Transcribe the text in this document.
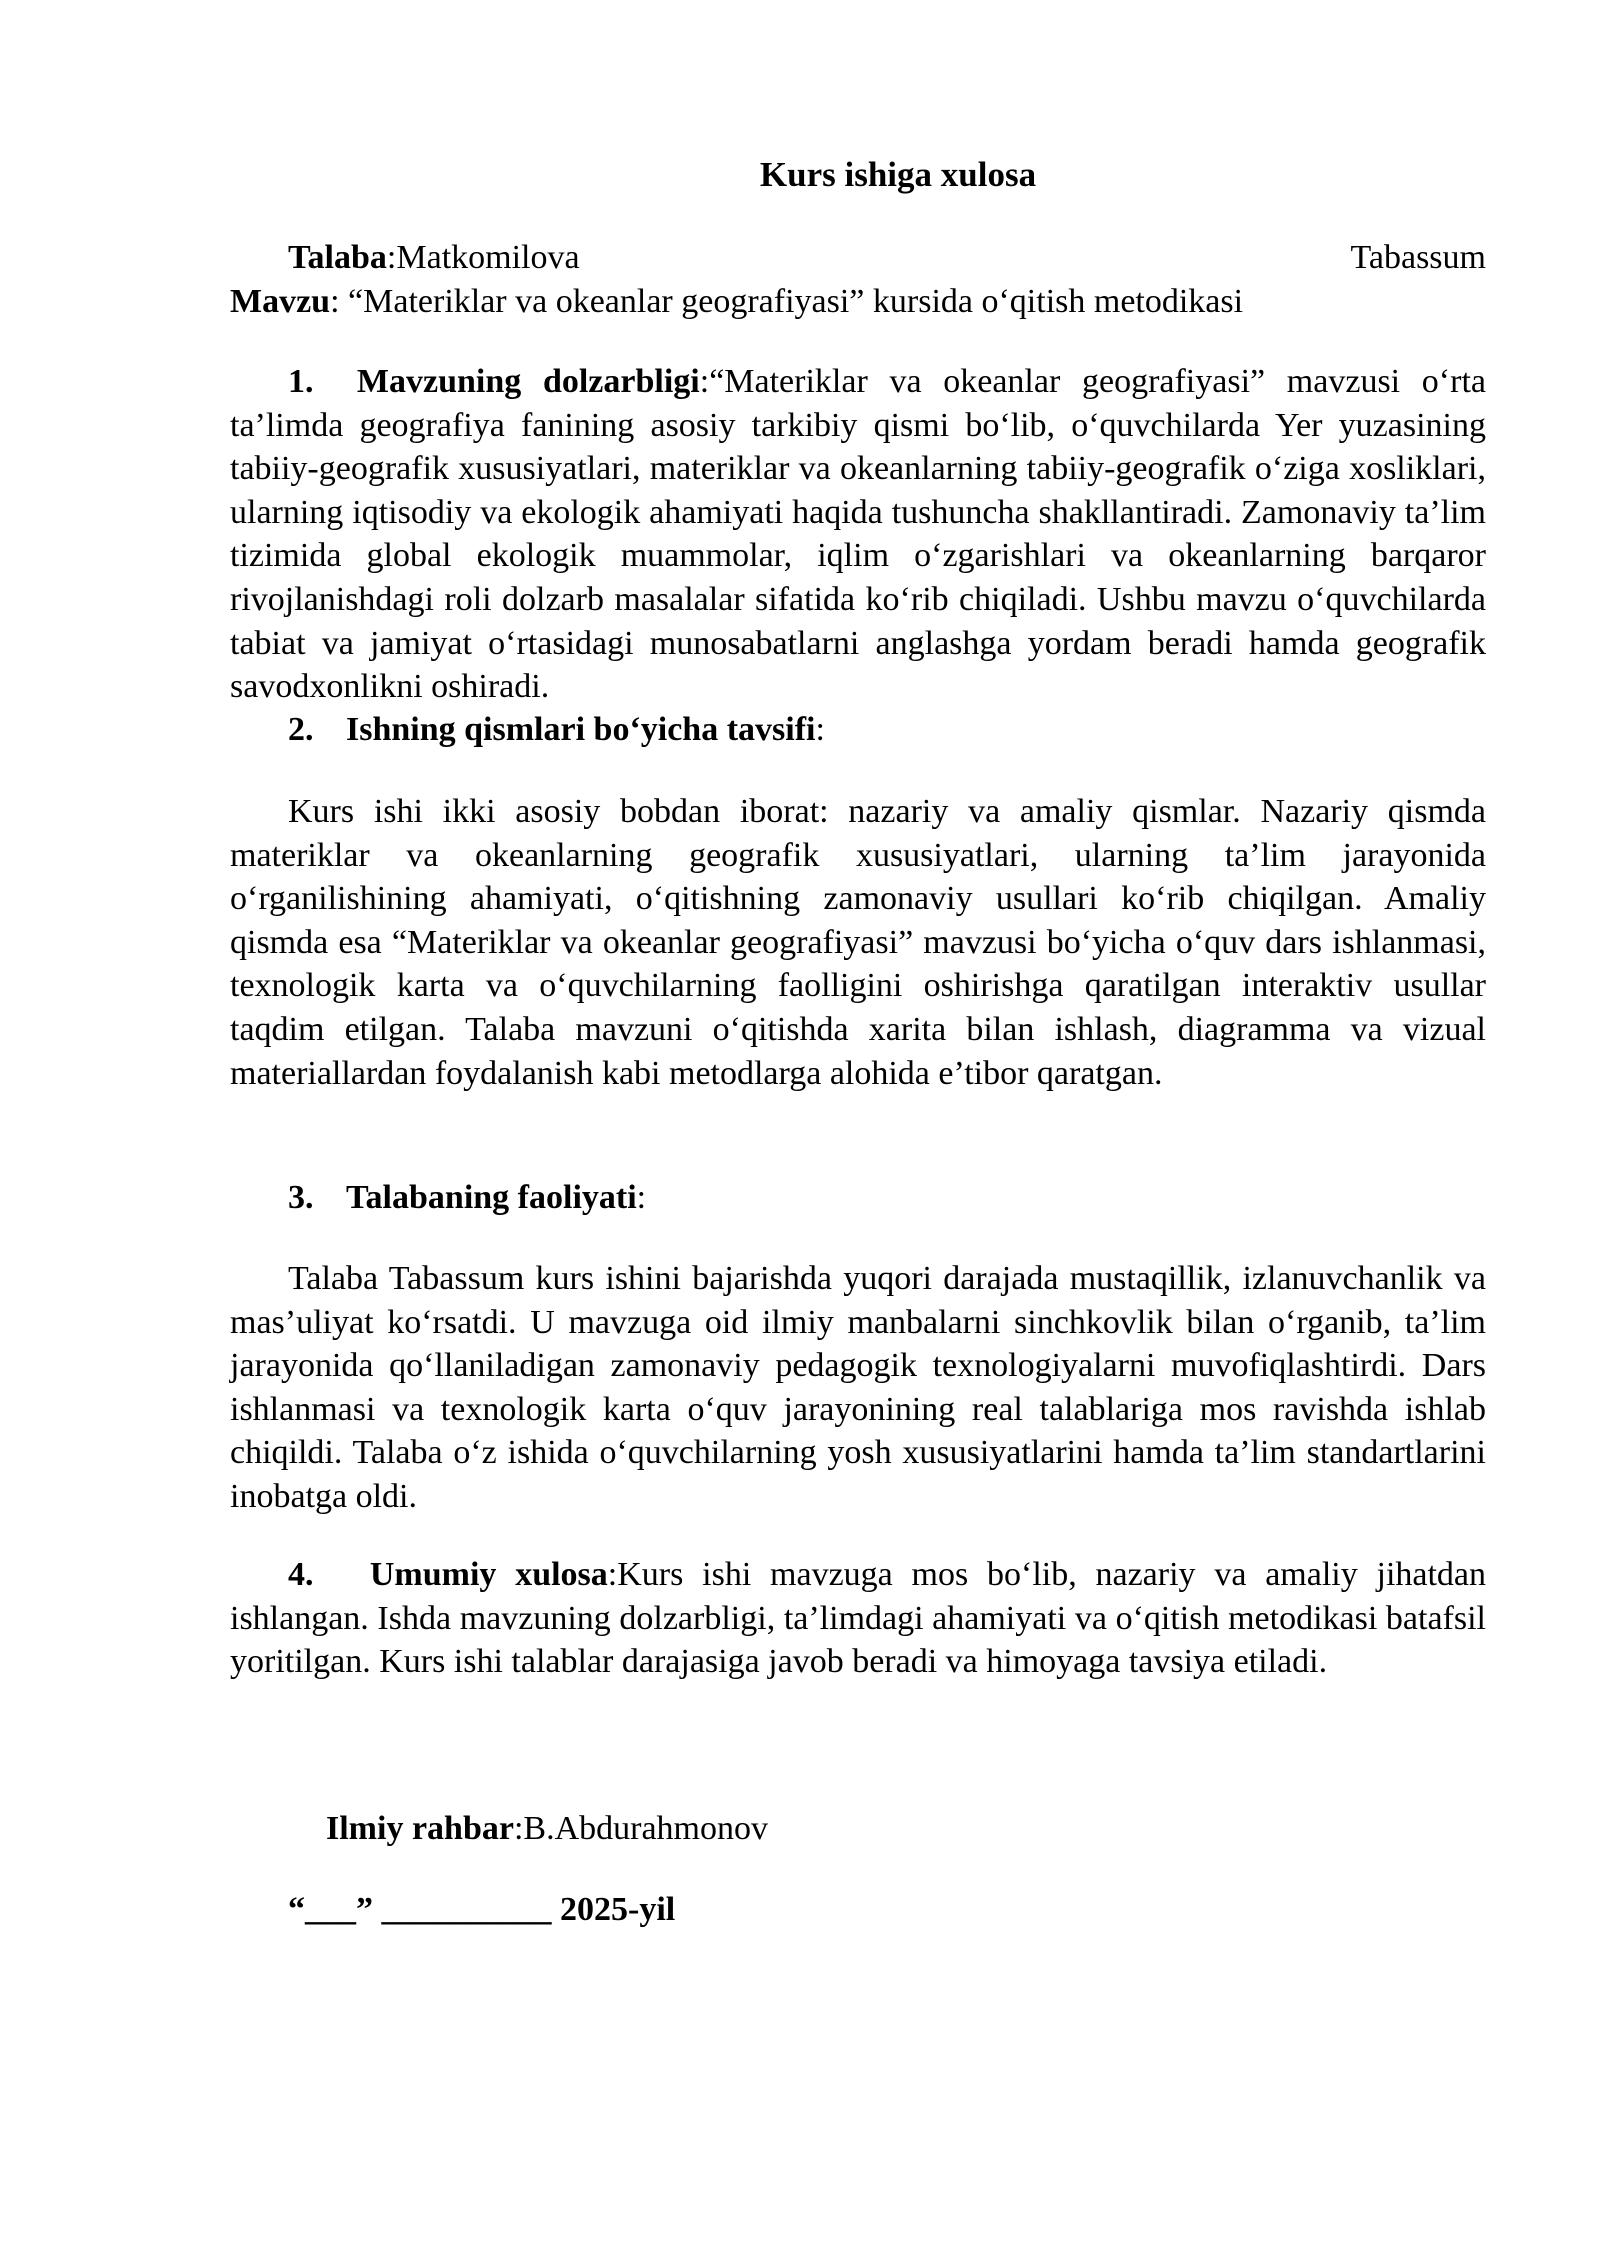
Kurs ishiga xulosa
Talaba:Matkomilova	Tabassum
Mavzu: “Materiklar va okeanlar geografiyasi” kursida o‘qitish metodikasi

1. Mavzuning dolzarbligi:“Materiklar va okeanlar geografiyasi” mavzusi o‘rta ta’limda geografiya fanining asosiy tarkibiy qismi bo‘lib, o‘quvchilarda Yer yuzasining tabiiy-geografik xususiyatlari, materiklar va okeanlarning tabiiy-geografik o‘ziga xosliklari, ularning iqtisodiy va ekologik ahamiyati haqida tushuncha shakllantiradi. Zamonaviy ta’lim tizimida global ekologik muammolar, iqlim o‘zgarishlari va okeanlarning barqaror rivojlanishdagi roli dolzarb masalalar sifatida ko‘rib chiqiladi. Ushbu mavzu o‘quvchilarda tabiat va jamiyat o‘rtasidagi munosabatlarni anglashga yordam beradi hamda geografik savodxonlikni oshiradi.

2. Ishning qismlari bo‘yicha tavsifi:

Kurs ishi ikki asosiy bobdan iborat: nazariy va amaliy qismlar. Nazariy qismda materiklar va okeanlarning geografik xususiyatlari, ularning ta’lim jarayonida o‘rganilishining ahamiyati, o‘qitishning zamonaviy usullari ko‘rib chiqilgan. Amaliy qismda esa “Materiklar va okeanlar geografiyasi” mavzusi bo‘yicha o‘quv dars ishlanmasi, texnologik karta va o‘quvchilarning faolligini oshirishga qaratilgan interaktiv usullar taqdim etilgan. Talaba mavzuni o‘qitishda xarita bilan ishlash, diagramma va vizual materiallardan foydalanish kabi metodlarga alohida e’tibor qaratgan.

3. Talabaning faoliyati:

Talaba Tabassum kurs ishini bajarishda yuqori darajada mustaqillik, izlanuvchanlik va mas’uliyat ko‘rsatdi. U mavzuga oid ilmiy manbalarni sinchkovlik bilan o‘rganib, ta’lim jarayonida qo‘llaniladigan zamonaviy pedagogik texnologiyalarni muvofiqlashtirdi. Dars ishlanmasi va texnologik karta o‘quv jarayonining real talablariga mos ravishda ishlab chiqildi. Talaba o‘z ishida o‘quvchilarning yosh xususiyatlarini hamda ta’lim standartlarini inobatga oldi.

4. Umumiy xulosa:Kurs ishi mavzuga mos bo‘lib, nazariy va amaliy jihatdan ishlangan. Ishda mavzuning dolzarbligi, ta’limdagi ahamiyati va o‘qitish metodikasi batafsil yoritilgan. Kurs ishi talablar darajasiga javob beradi va himoyaga tavsiya etiladi.

Ilmiy rahbar:B.Abdurahmonov
“___” __________ 2025-yil
